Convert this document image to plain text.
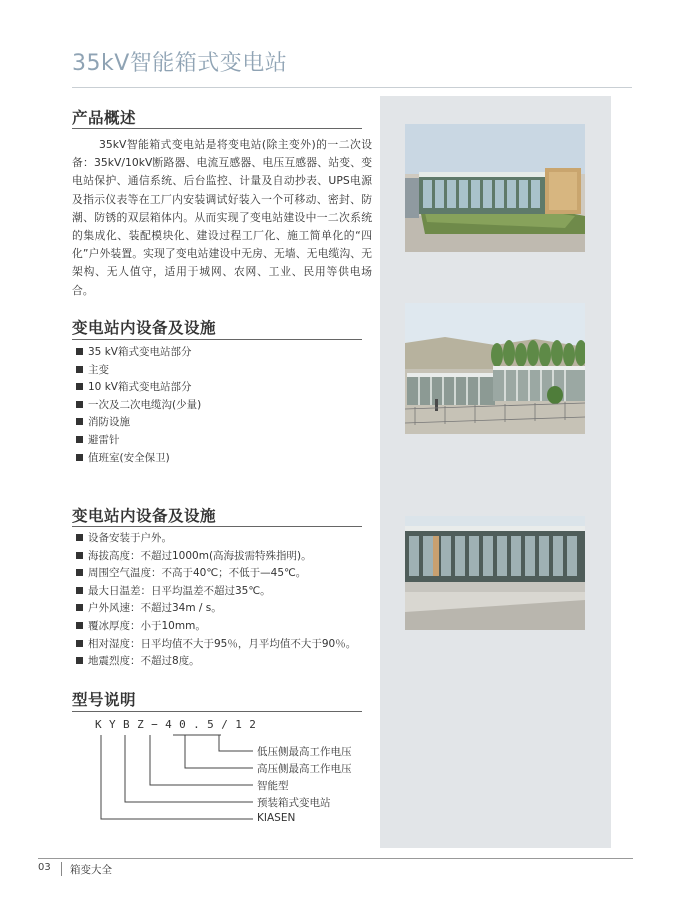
35kV智能箱式变电站
产品概述

35kV智能箱式变电站是将变电站(除主变外)的一二次设备：35kV/10kV断路器、电流互感器、电压互感器、站变、变电站保护、通信系统、后台监控、计量及自动抄表、UPS电源及指示仪表等在工厂内安装调试好装入一个可移动、密封、防潮、防锈的双层箱体内。从而实现了变电站建设中一二次系统的集成化、装配模块化、建设过程工厂化、施工简单化的“四化”户外装置。实现了变电站建设中无房、无墙、无电缆沟、无架构、无人值守，适用于城网、农网、工业、民用等供电场合。

变电站内设备及设施
35 kV箱式变电站部分
主变
10 kV箱式变电站部分
一次及二次电缆沟(少量)
消防设施
避雷针
值班室(安全保卫)
变电站内设备及设施
设备安装于户外。
海拔高度：不超过1000m(高海拔需特殊指明)。
周围空气温度：不高于40℃；不低于—45℃。
最大日温差：日平均温差不超过35℃。
户外风速：不超过34m / s。
覆冰厚度：小于10mm。
相对湿度：日平均值不大于95％，月平均值不大于90％。
地震烈度：不超过8度。
型号说明
KYBZ−40.5/12
低压侧最高工作电压
高压侧最高工作电压
智能型
预装箱式变电站
KIASEN
03 箱变大全
